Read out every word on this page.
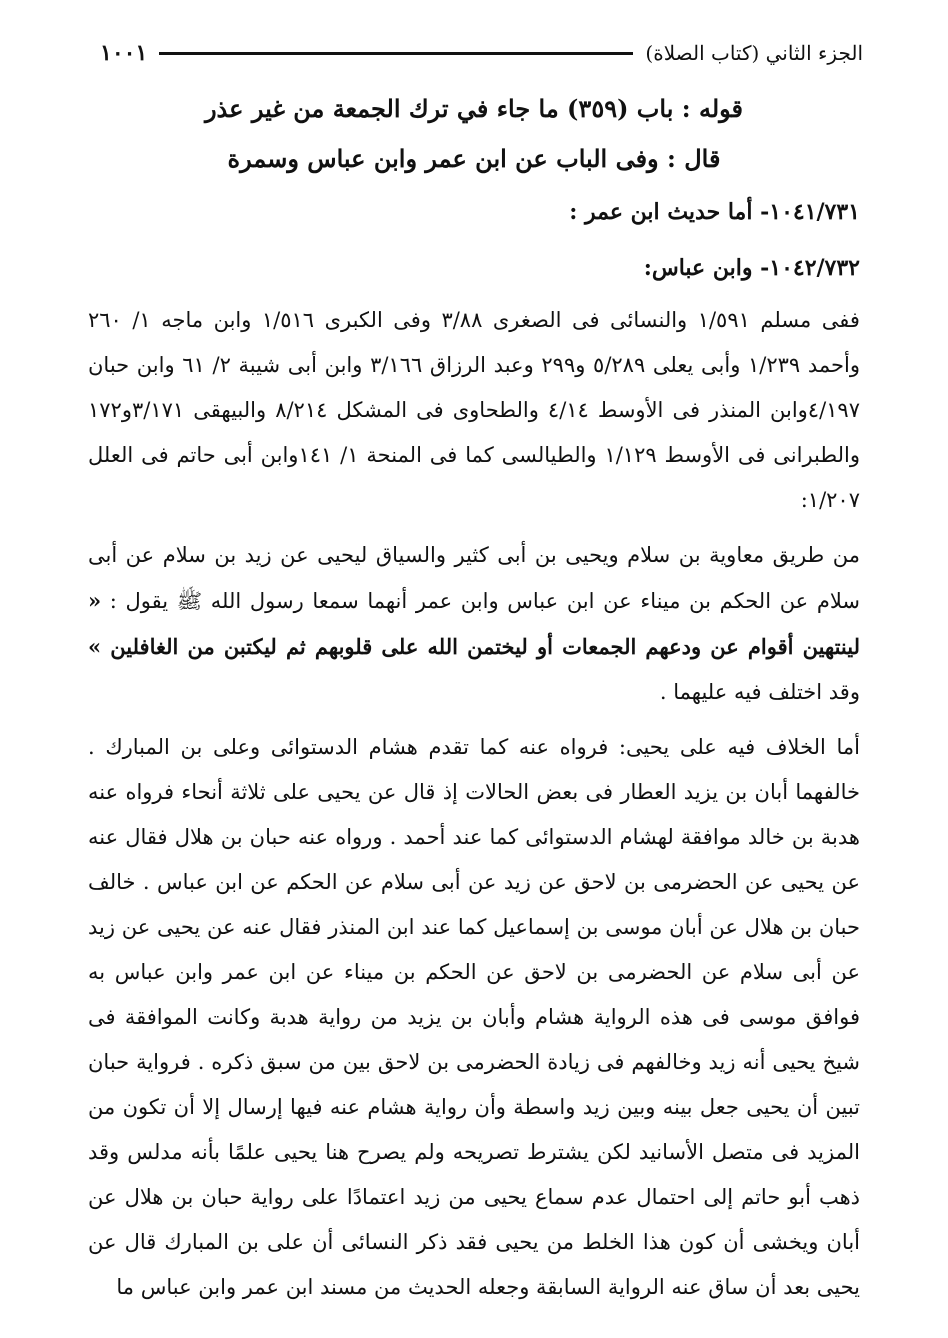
١٠٠١	الجزء الثاني (كتاب الصلاة)
قوله : باب (٣٥٩) ما جاء في ترك الجمعة من غير عذر
قال : وفى الباب عن ابن عمر وابن عباس وسمرة
١٠٤١/٧٣١- أما حديث ابن عمر :
١٠٤٢/٧٣٢- وابن عباس:

ففى مسلم ١/٥٩١ والنسائى فى الصغرى ٣/٨٨ وفى الكبرى ١/٥١٦ وابن ماجه ١/ ٢٦٠ وأحمد ١/٢٣٩ وأبى يعلى ٥/٢٨٩ و٢٩٩ وعبد الرزاق ٣/١٦٦ وابن أبى شيبة ٢/ ٦١ وابن حبان ٤/١٩٧وابن المنذر فى الأوسط ٤/١٤ والطحاوى فى المشكل ٨/٢١٤ والبيهقى ٣/١٧١و١٧٢ والطبرانى فى الأوسط ١/١٢٩ والطيالسى كما فى المنحة ١/ ١٤١وابن أبى حاتم فى العلل ١/٢٠٧:

من طريق معاوية بن سلام ويحيى بن أبى كثير والسياق ليحيى عن زيد بن سلام عن أبى سلام عن الحكم بن ميناء عن ابن عباس وابن عمر أنهما سمعا رسول الله ﷺ يقول : « لينتهين أقوام عن ودعهم الجمعات أو ليختمن الله على قلوبهم ثم ليكتبن من الغافلين » وقد اختلف فيه عليهما .

أما الخلاف فيه على يحيى: فرواه عنه كما تقدم هشام الدستوائى وعلى بن المبارك . خالفهما أبان بن يزيد العطار فى بعض الحالات إذ قال عن يحيى على ثلاثة أنحاء فرواه عنه هدبة بن خالد موافقة لهشام الدستوائى كما عند أحمد . ورواه عنه حبان بن هلال فقال عنه عن يحيى عن الحضرمى بن لاحق عن زيد عن أبى سلام عن الحكم عن ابن عباس . خالف حبان بن هلال عن أبان موسى بن إسماعيل كما عند ابن المنذر فقال عنه عن يحيى عن زيد عن أبى سلام عن الحضرمى بن لاحق عن الحكم بن ميناء عن ابن عمر وابن عباس به فوافق موسى فى هذه الرواية هشام وأبان بن يزيد من رواية هدبة وكانت الموافقة فى شيخ يحيى أنه زيد وخالفهم فى زيادة الحضرمى بن لاحق بين من سبق ذكره . فرواية حبان تبين أن يحيى جعل بينه وبين زيد واسطة وأن رواية هشام عنه فيها إرسال إلا أن تكون من المزيد فى متصل الأسانيد لكن يشترط تصريحه ولم يصرح هنا يحيى علمًا بأنه مدلس وقد ذهب أبو حاتم إلى احتمال عدم سماع يحيى من زيد اعتمادًا على رواية حبان بن هلال عن أبان ويخشى أن كون هذا الخلط من يحيى فقد ذكر النسائى أن على بن المبارك قال عن يحيى بعد أن ساق عنه الرواية السابقة وجعله الحديث من مسند ابن عمر وابن عباس ما
